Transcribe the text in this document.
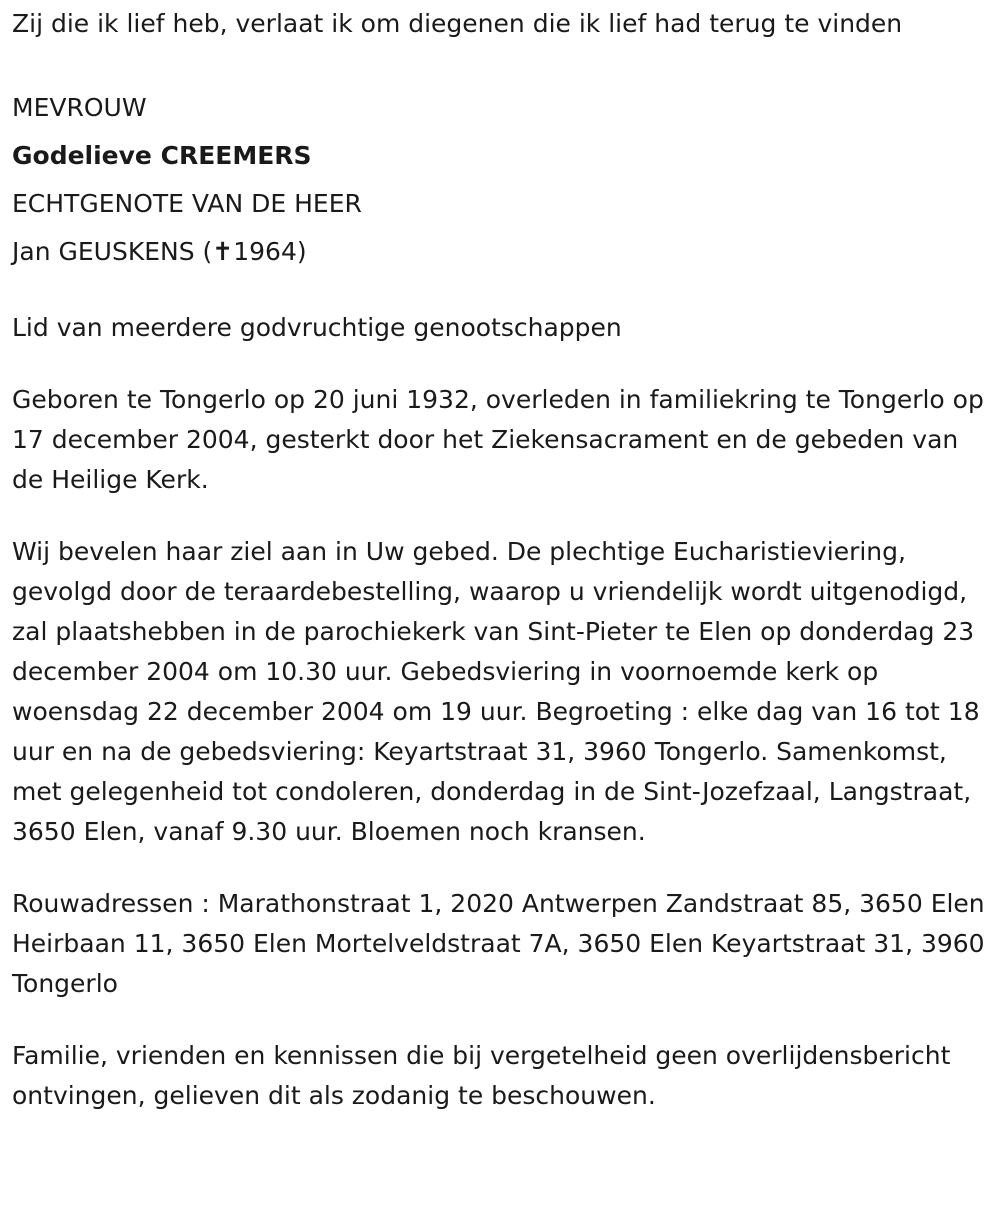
Zij die ik lief heb, verlaat ik om diegenen die ik lief had terug te vinden

MEVROUW

Godelieve CREEMERS

ECHTGENOTE VAN DE HEER

Jan GEUSKENS (✝1964)

Lid van meerdere godvruchtige genootschappen

Geboren te Tongerlo op 20 juni 1932, overleden in familiekring te Tongerlo op 17 december 2004, gesterkt door het Ziekensacrament en de gebeden van de Heilige Kerk.

Wij bevelen haar ziel aan in Uw gebed. De plechtige Eucharistieviering, gevolgd door de teraardebestelling, waarop u vriendelijk wordt uitgenodigd, zal plaatshebben in de parochiekerk van Sint-Pieter te Elen op donderdag 23 december 2004 om 10.30 uur. Gebedsviering in voornoemde kerk op woensdag 22 december 2004 om 19 uur. Begroeting : elke dag van 16 tot 18 uur en na de gebedsviering: Keyartstraat 31, 3960 Tongerlo. Samenkomst, met gelegenheid tot condoleren, donderdag in de Sint-Jozefzaal, Langstraat, 3650 Elen, vanaf 9.30 uur. Bloemen noch kransen.

Rouwadressen : Marathonstraat 1, 2020 Antwerpen Zandstraat 85, 3650 Elen Heirbaan 11, 3650 Elen Mortelveldstraat 7A, 3650 Elen Keyartstraat 31, 3960 Tongerlo

Familie, vrienden en kennissen die bij vergetelheid geen overlijdensbericht ontvingen, gelieven dit als zodanig te beschouwen.
